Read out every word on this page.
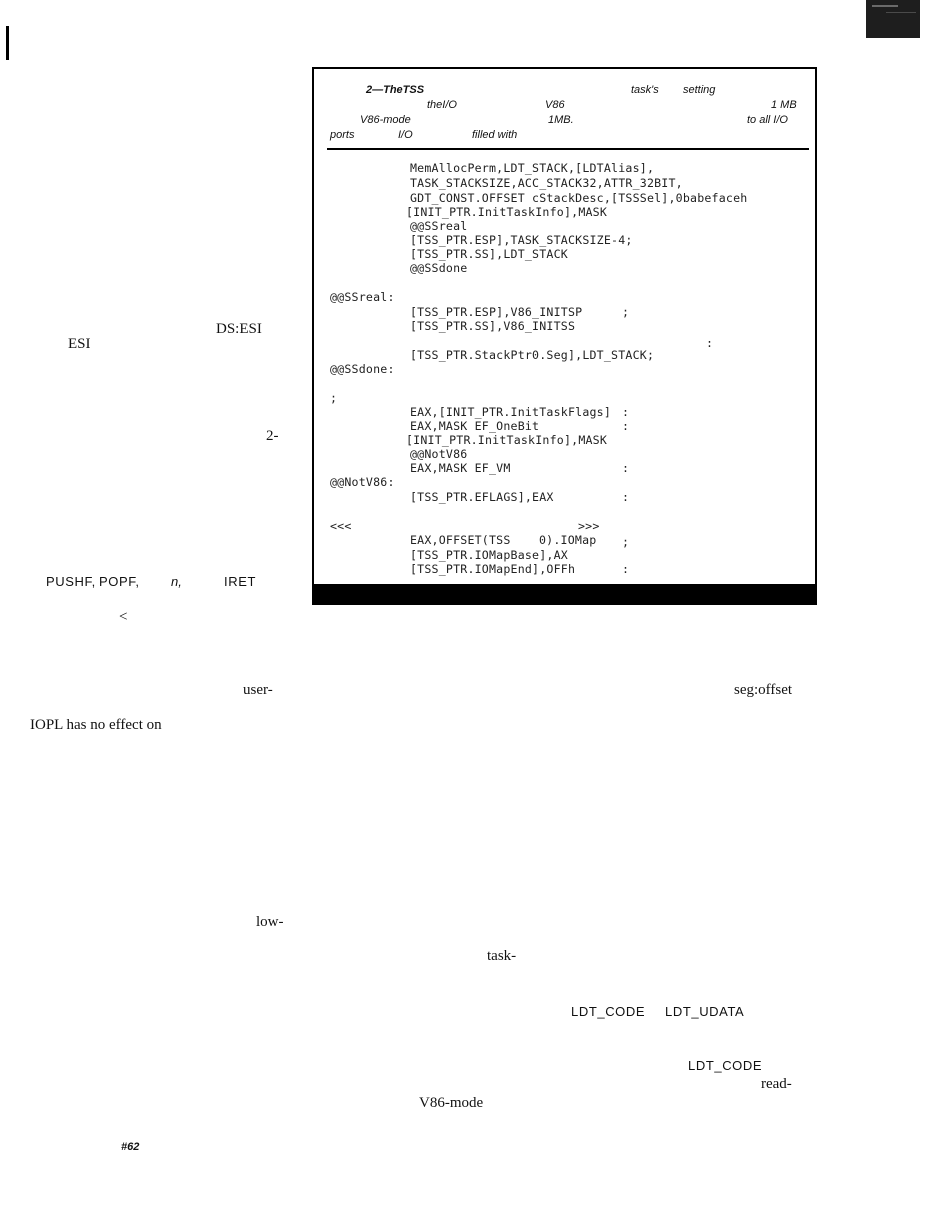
2—TheTSS	task's setting
theI/O	V86	1 MB
V86-mode	1MB.	to all I/O
ports	I/O	filled with
MemAllocPerm,LDT_STACK,[LDTAlias],
TASK_STACKSIZE,ACC_STACK32,ATTR_32BIT,
GDT_CONST.OFFSET cStackDesc,[TSSSel],0babefaceh
[INIT_PTR.InitTaskInfo],MASK
@@SSreal
[TSS_PTR.ESP],TASK_STACKSIZE-4;
[TSS_PTR.SS],LDT_STACK
@@SSdone
@@SSreal:
[TSS_PTR.ESP],V86_INITSP	;
[TSS_PTR.SS],V86_INITSS
:
[TSS_PTR.StackPtr0.Seg],LDT_STACK;
@@SSdone:
;
EAX,[INIT_PTR.InitTaskFlags] :
EAX,MASK EF_OneBit	:
[INIT_PTR.InitTaskInfo],MASK
@@NotV86
EAX,MASK EF_VM	:
@@NotV86:
[TSS_PTR.EFLAGS],EAX	:
<<<	>>>
EAX,OFFSET(TSS 0).IOMap ;
[TSS_PTR.IOMapBase],AX
[TSS_PTR.IOMapEnd],OFFh	:
DS:ESI
ESI
2-
PUSHF, POPF, n,	IRET
<
user-	seg:offset
IOPL has no effect on
low-
task-
LDT_CODE LDT_UDATA
LDT_CODE
read-
V86-mode
#62
